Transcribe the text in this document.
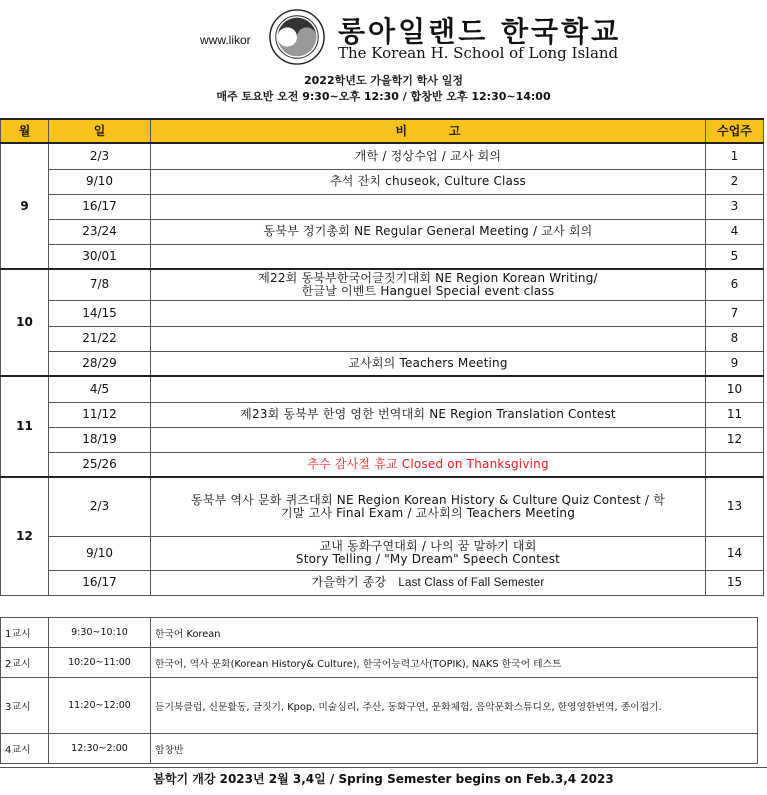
www.likor	롱아일랜드 한국학교
The Korean H. School of Long Island
2022학년도 가을학기 학사 일정
매주 토요반 오전 9:30~오후 12:30 / 합창반 오후 12:30~14:00
월	일	비          고	수업주
9	2/3	개학 / 정상수업 / 교사 회의	1
	9/10	추석 잔치 chuseok, Culture Class	2
	16/17		3
	23/24	동북부 정기총회 NE Regular General Meeting / 교사 회의	4
	30/01		5
10	7/8	제22회 동북부한국어글짓기대회 NE Region Korean Writing/
한글날 이벤트 Hanguel Special event class	6
	14/15		7
	21/22		8
	28/29	교사회의 Teachers Meeting	9
11	4/5		10
	11/12	제23회 동북부 한영 영한 번역대회 NE Region Translation Contest	11
	18/19		12
	25/26	추수 감사절 휴교 Closed on Thanksgiving	
12	2/3	동북부 역사 문화 퀴즈대회 NE Region Korean History & Culture Quiz Contest / 학
기말 고사 Final Exam / 교사회의 Teachers Meeting	13
	9/10	교내 동화구연대회 / 나의 꿈 말하기 대회
Story Telling / "My Dream" Speech Contest	14
	16/17	가을학기 종강 Last Class of Fall Semester	15
1교시	9:30~10:10	한국어 Korean
2교시	10:20~11:00	한국어, 역사 문화(Korean History& Culture), 한국어능력고사(TOPIK), NAKS 한국어 테스트
3교시	11:20~12:00	듣기북클럽, 신문활동, 글짓기, Kpop, 미술심리, 주산, 동화구연, 문화체험, 음악문화스튜디오, 한영영한번역, 종이접기.
4교시	12:30~2:00	합창반
봄학기 개강 2023년 2월 3,4일 / Spring Semester begins on Feb.3,4 2023
